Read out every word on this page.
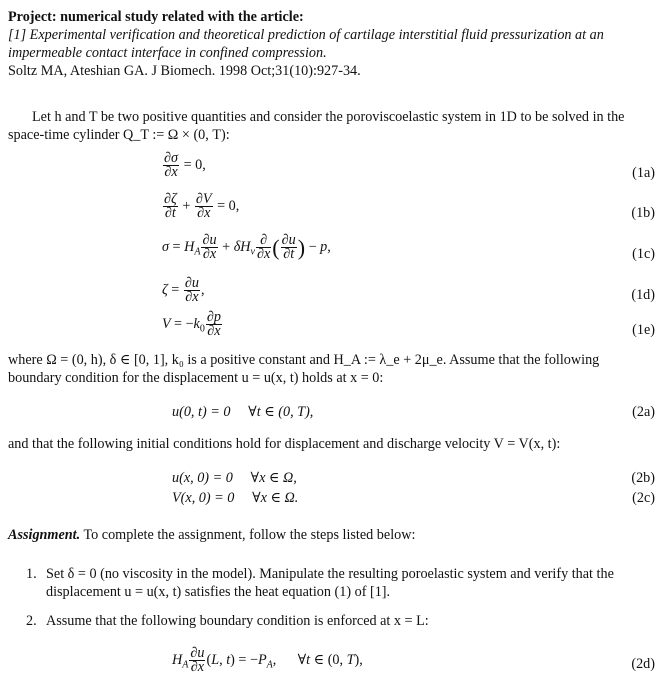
Project: numerical study related with the article:
[1] Experimental verification and theoretical prediction of cartilage interstitial fluid pressurization at an
impermeable contact interface in confined compression.
Soltz MA, Ateshian GA. J Biomech. 1998 Oct;31(10):927-34.
Let h and T be two positive quantities and consider the poroviscoelastic system in 1D to be solved in the
space-time cylinder Q_T := Ω × (0, T):
$\frac{\partial\sigma}{\partial x} = 0$,
(1a)
$\frac{\partial\zeta}{\partial t} + \frac{\partial V}{\partial x} = 0$,	(1b)
$\sigma = H_A \frac{\partial u}{\partial x} + \delta H_v \frac{\partial}{\partial x}$ ( $\frac{\partial u}{\partial t}$ ) − p,	(1c)
$\zeta = \frac{\partial u}{\partial x}$ ,	(1d)
$V = -k_0 \frac{\partial p}{\partial x}$	(1e)
where Ω = (0, h), δ ∈ [0, 1], k₀ is a positive constant and H_A := λ_e + 2μ_e. Assume that the following
boundary condition for the displacement u = u(x, t) holds at x = 0:
u(0, t) = 0     ∀t ∈ (0, T),	(2a)
and that the following initial conditions hold for displacement and discharge velocity V = V(x, t):
u(x, 0) = 0     ∀x ∈ Ω,	(2b)
V(x, 0) = 0     ∀x ∈ Ω.	(2c)
Assignment. To complete the assignment, follow the steps listed below:
1. Set δ = 0 (no viscosity in the model). Manipulate the resulting poroelastic system and verify that the
displacement u = u(x, t) satisfies the heat equation (1) of [1].
2. Assume that the following boundary condition is enforced at x = L:
$H_A \frac{\partial u}{\partial x} (L$, $t) = -P_A$, ∀t ∈ (0, T),	(2d)
